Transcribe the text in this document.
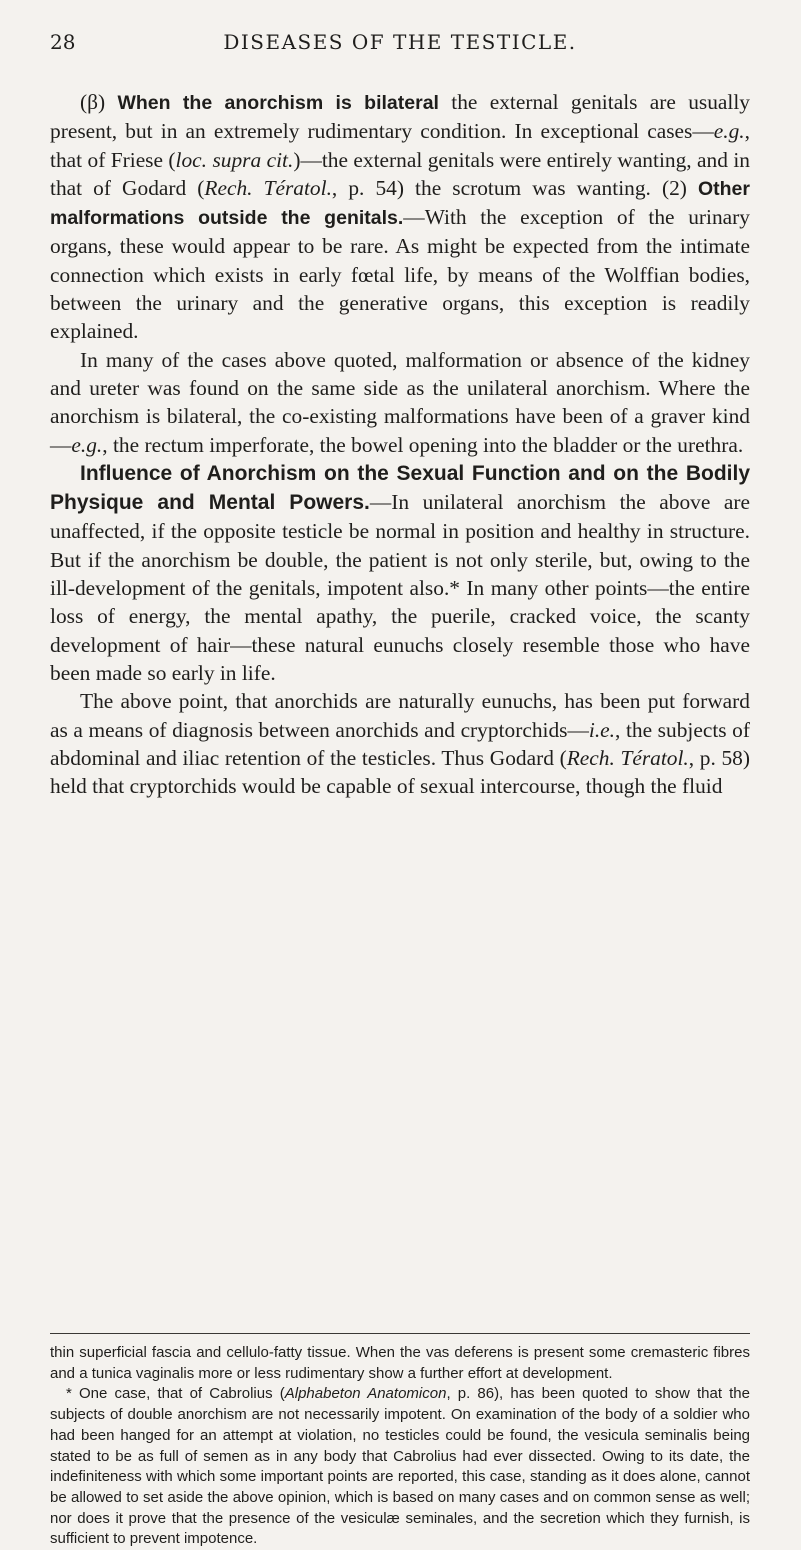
28	DISEASES OF THE TESTICLE.

(β) When the anorchism is bilateral the external genitals are usually present, but in an extremely rudimentary condition. In exceptional cases—e.g., that of Friese (loc. supra cit.)—the external genitals were entirely wanting, and in that of Godard (Rech. Tératol., p. 54) the scrotum was wanting. (2) Other malformations outside the genitals.—With the exception of the urinary organs, these would appear to be rare. As might be expected from the intimate connection which exists in early fœtal life, by means of the Wolffian bodies, between the urinary and the generative organs, this exception is readily explained.

In many of the cases above quoted, malformation or absence of the kidney and ureter was found on the same side as the unilateral anorchism. Where the anorchism is bilateral, the co-existing malformations have been of a graver kind—e.g., the rectum imperforate, the bowel opening into the bladder or the urethra.

Influence of Anorchism on the Sexual Function and on the Bodily Physique and Mental Powers.—In unilateral anorchism the above are unaffected, if the opposite testicle be normal in position and healthy in structure. But if the anorchism be double, the patient is not only sterile, but, owing to the ill-development of the genitals, impotent also.* In many other points—the entire loss of energy, the mental apathy, the puerile, cracked voice, the scanty development of hair—these natural eunuchs closely resemble those who have been made so early in life.

The above point, that anorchids are naturally eunuchs, has been put forward as a means of diagnosis between anorchids and cryptorchids—i.e., the subjects of abdominal and iliac retention of the testicles. Thus Godard (Rech. Tératol., p. 58) held that cryptorchids would be capable of sexual intercourse, though the fluid

thin superficial fascia and cellulo-fatty tissue. When the vas deferens is present some cremasteric fibres and a tunica vaginalis more or less rudimentary show a further effort at development.

* One case, that of Cabrolius (Alphabeton Anatomicon, p. 86), has been quoted to show that the subjects of double anorchism are not necessarily impotent. On examination of the body of a soldier who had been hanged for an attempt at violation, no testicles could be found, the vesicula seminalis being stated to be as full of semen as in any body that Cabrolius had ever dissected. Owing to its date, the indefiniteness with which some important points are reported, this case, standing as it does alone, cannot be allowed to set aside the above opinion, which is based on many cases and on common sense as well; nor does it prove that the presence of the vesiculæ seminales, and the secretion which they furnish, is sufficient to prevent impotence.
